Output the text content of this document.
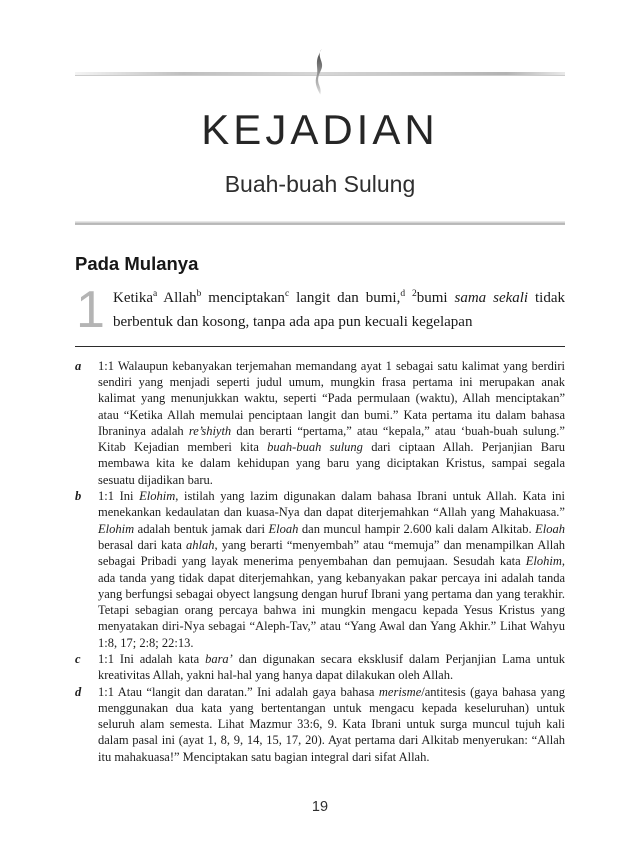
KEJADIAN
Buah-buah Sulung
Pada Mulanya
1 Ketika$^a$ Allah$^b$ menciptakan$^c$ langit dan bumi,$^d$ $^2$bumi sama sekali tidak berbentuk dan kosong, tanpa ada apa pun kecuali kegelapan

a 1:1 Walaupun kebanyakan terjemahan memandang ayat 1 sebagai satu kalimat yang berdiri sendiri yang menjadi seperti judul umum, mungkin frasa pertama ini merupakan anak kalimat yang menunjukkan waktu, seperti “Pada permulaan (waktu), Allah menciptakan” atau “Ketika Allah memulai penciptaan langit dan bumi.” Kata pertama itu dalam bahasa Ibraninya adalah re’shiyth dan berarti “pertama,” atau “kepala,” atau ‘buah-buah sulung.” Kitab Kejadian memberi kita buah-buah sulung dari ciptaan Allah. Perjanjian Baru membawa kita ke dalam kehidupan yang baru yang diciptakan Kristus, sampai segala sesuatu dijadikan baru.
b 1:1 Ini Elohim, istilah yang lazim digunakan dalam bahasa Ibrani untuk Allah. Kata ini menekankan kedaulatan dan kuasa-Nya dan dapat diterjemahkan “Allah yang Mahakuasa.” Elohim adalah bentuk jamak dari Eloah dan muncul hampir 2.600 kali dalam Alkitab. Eloah berasal dari kata ahlah, yang berarti “menyembah” atau “memuja” dan menampilkan Allah sebagai Pribadi yang layak menerima penyembahan dan pemujaan. Sesudah kata Elohim, ada tanda yang tidak dapat diterjemahkan, yang kebanyakan pakar percaya ini adalah tanda yang berfungsi sebagai obyect langsung dengan huruf Ibrani yang pertama dan yang terakhir. Tetapi sebagian orang percaya bahwa ini mungkin mengacu kepada Yesus Kristus yang menyatakan diri-Nya sebagai “Aleph-Tav,” atau “Yang Awal dan Yang Akhir.” Lihat Wahyu 1:8, 17; 2:8; 22:13.
c 1:1 Ini adalah kata bara’ dan digunakan secara eksklusif dalam Perjanjian Lama untuk kreativitas Allah, yakni hal-hal yang hanya dapat dilakukan oleh Allah.
d 1:1 Atau “langit dan daratan.” Ini adalah gaya bahasa merisme/antitesis (gaya bahasa yang menggunakan dua kata yang bertentangan untuk mengacu kepada keseluruhan) untuk seluruh alam semesta. Lihat Mazmur 33:6, 9. Kata Ibrani untuk surga muncul tujuh kali dalam pasal ini (ayat 1, 8, 9, 14, 15, 17, 20). Ayat pertama dari Alkitab menyerukan: “Allah itu mahakuasa!” Menciptakan satu bagian integral dari sifat Allah.
19
